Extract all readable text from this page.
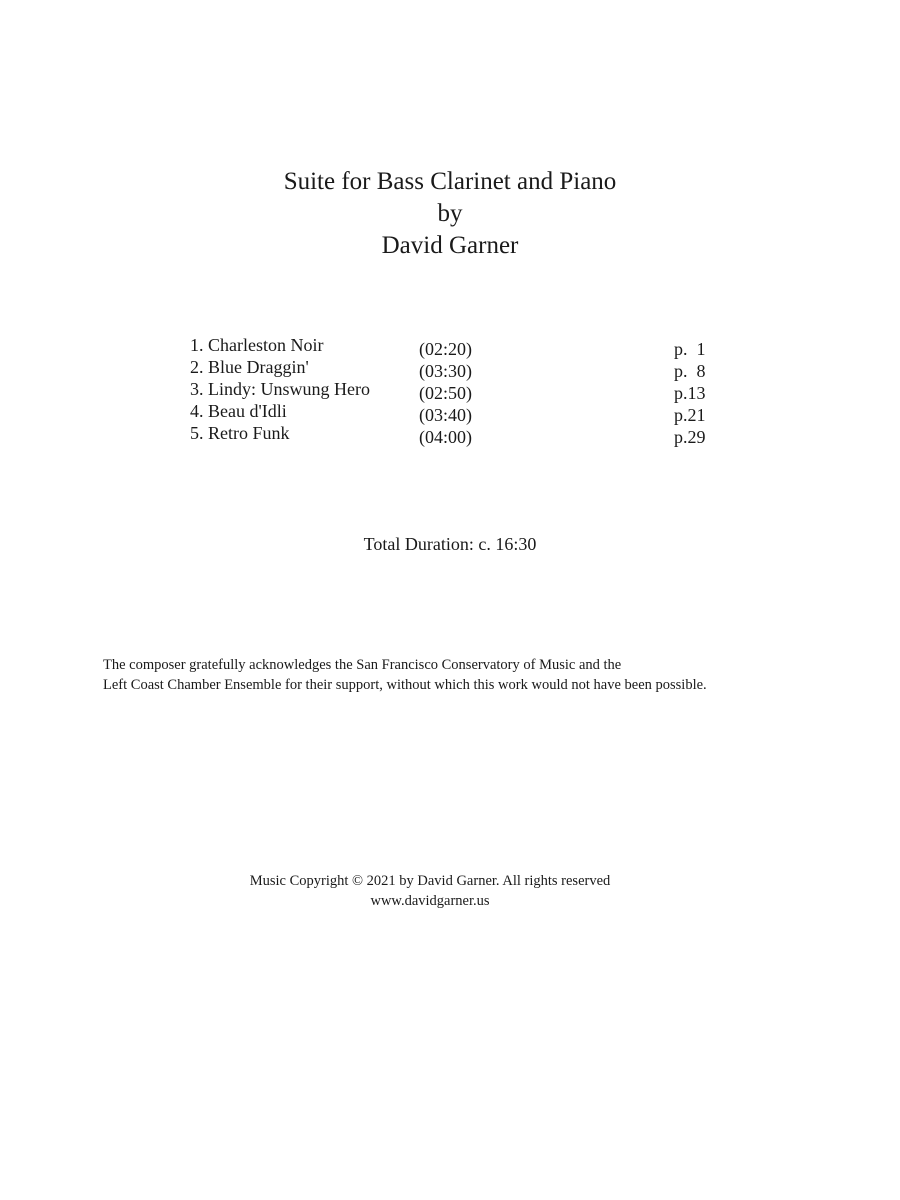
Suite for Bass Clarinet and Piano
by
David Garner
1. Charleston Noir	(02:20)	p.  1
2. Blue Draggin'	(03:30)	p.  8
3. Lindy: Unswung Hero	(02:50)	p.13
4. Beau d'Idli	(03:40)	p.21
5. Retro Funk	(04:00)	p.29
Total Duration: c. 16:30
The composer gratefully acknowledges the San Francisco Conservatory of Music and the
Left Coast Chamber Ensemble for their support, without which this work would not have been possible.
Music Copyright © 2021 by David Garner. All rights reserved
www.davidgarner.us
